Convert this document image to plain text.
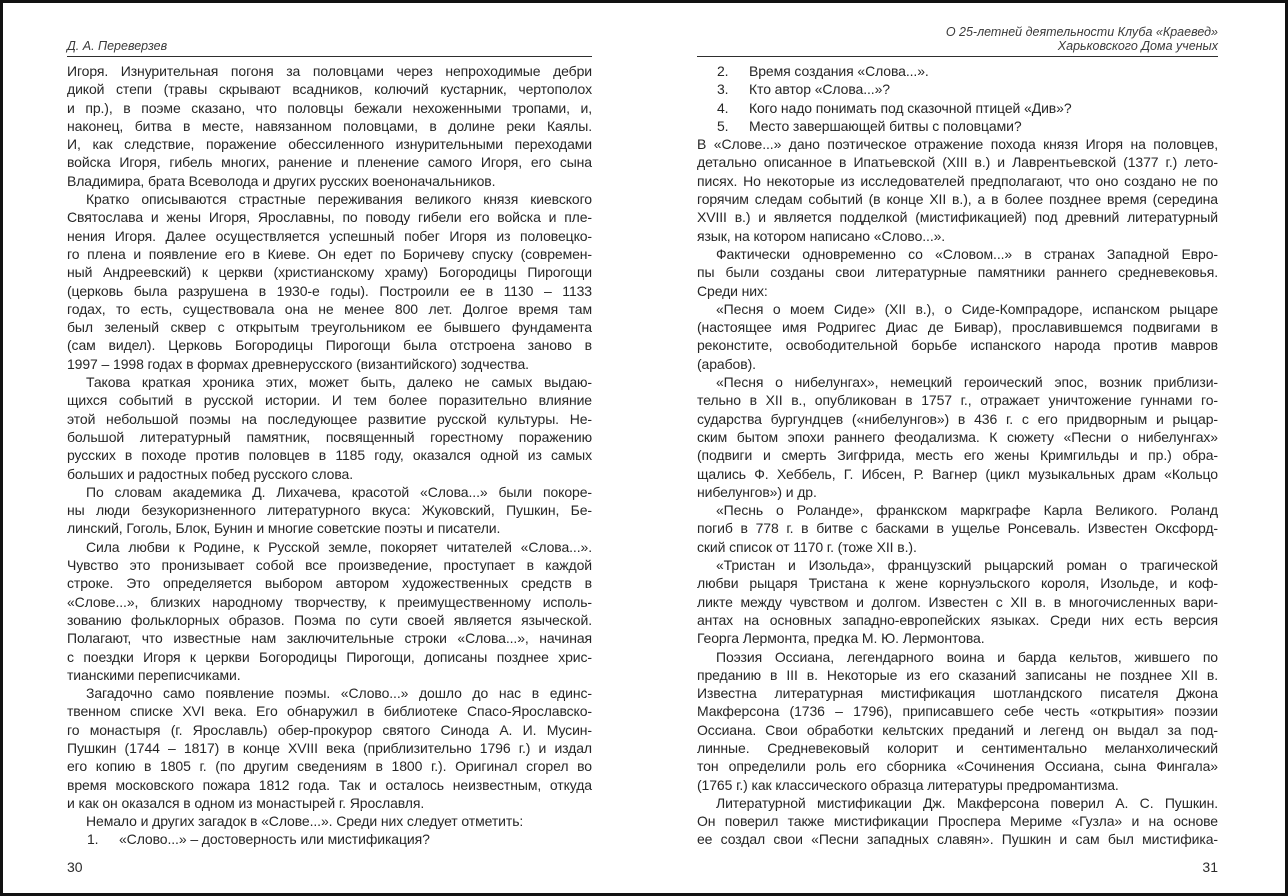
Д. А. Переверзев
Игоря. Изнурительная погоня за половцами через непроходимые дебри
дикой степи (травы скрывают всадников, колючий кустарник, чертополох
и пр.), в поэме сказано, что половцы бежали нехоженными тропами, и,
наконец, битва в месте, навязанном половцами, в долине реки Каялы.
И, как следствие, поражение обессиленного изнурительными переходами
войска Игоря, гибель многих, ранение и пленение самого Игоря, его сына
Владимира, брата Всеволода и других русских военоначальников.
Кратко описываются страстные переживания великого князя киевского
Святослава и жены Игоря, Ярославны, по поводу гибели его войска и пле-
нения Игоря. Далее осуществляется успешный побег Игоря из половецко-
го плена и появление его в Киеве. Он едет по Боричеву спуску (современ-
ный Андреевский) к церкви (христианскому храму) Богородицы Пирогощи
(церковь была разрушена в 1930-е годы). Построили ее в 1130 – 1133
годах, то есть, существовала она не менее 800 лет. Долгое время там
был зеленый сквер с открытым треугольником ее бывшего фундамента
(сам видел). Церковь Богородицы Пирогощи была отстроена заново в
1997 – 1998 годах в формах древнерусского (византийского) зодчества.
Такова краткая хроника этих, может быть, далеко не самых выдаю-
щихся событий в русской истории. И тем более поразительно влияние
этой небольшой поэмы на последующее развитие русской культуры. Не-
большой литературный памятник, посвященный горестному поражению
русских в походе против половцев в 1185 году, оказался одной из самых
больших и радостных побед русского слова.
По словам академика Д. Лихачева, красотой «Слова...» были покоре-
ны люди безукоризненного литературного вкуса: Жуковский, Пушкин, Бе-
линский, Гоголь, Блок, Бунин и многие советские поэты и писатели.
Сила любви к Родине, к Русской земле, покоряет читателей «Слова...».
Чувство это пронизывает собой все произведение, проступает в каждой
строке. Это определяется выбором автором художественных средств в
«Слове...», близких народному творчеству, к преимущественному исполь-
зованию фольклорных образов. Поэма по сути своей является языческой.
Полагают, что известные нам заключительные строки «Слова...», начиная
с поездки Игоря к церкви Богородицы Пирогощи, дописаны позднее хрис-
тианскими переписчиками.
Загадочно само появление поэмы. «Слово...» дошло до нас в единс-
твенном списке XVI века. Его обнаружил в библиотеке Спасо-Ярославско-
го монастыря (г. Ярославль) обер-прокурор святого Синода А. И. Мусин-
Пушкин (1744 – 1817) в конце XVIII века (приблизительно 1796 г.) и издал
его копию в 1805 г. (по другим сведениям в 1800 г.). Оригинал сгорел во
время московского пожара 1812 года. Так и осталось неизвестным, откуда
и как он оказался в одном из монастырей г. Ярославля.
Немало и других загадок в «Слове...». Среди них следует отметить:
1. «Слово...» – достоверность или мистификация?
30
О 25-летней деятельности Клуба «Краевед»
Харьковского Дома ученых
2. Время создания «Слова...».
3. Кто автор «Слова...»?
4. Кого надо понимать под сказочной птицей «Див»?
5. Место завершающей битвы с половцами?
В «Слове...» дано поэтическое отражение похода князя Игоря на половцев,
детально описанное в Ипатьевской (XIII в.) и Лаврентьевской (1377 г.) лето-
писях. Но некоторые из исследователей предполагают, что оно создано не по
горячим следам событий (в конце XII в.), а в более позднее время (середина
XVIII в.) и является подделкой (мистификацией) под древний литературный
язык, на котором написано «Слово...».
Фактически одновременно со «Словом...» в странах Западной Евро-
пы были созданы свои литературные памятники раннего средневековья.
Среди них:
«Песня о моем Сиде» (XII в.), о Сиде-Компрадоре, испанском рыцаре
(настоящее имя Родригес Диас де Бивар), прославившемся подвигами в
реконстите, освободительной борьбе испанского народа против мавров
(арабов).
«Песня о нибелунгах», немецкий героический эпос, возник приблизи-
тельно в XII в., опубликован в 1757 г., отражает уничтожение гуннами го-
сударства бургундцев («нибелунгов») в 436 г. с его придворным и рыцар-
ским бытом эпохи раннего феодализма. К сюжету «Песни о нибелунгах»
(подвиги и смерть Зигфрида, месть его жены Кримгильды и пр.) обра-
щались Ф. Хеббель, Г. Ибсен, Р. Вагнер (цикл музыкальных драм «Кольцо
нибелунгов») и др.
«Песнь о Роланде», франкском маркграфе Карла Великого. Роланд
погиб в 778 г. в битве с басками в ущелье Ронсеваль. Известен Оксфорд-
ский список от 1170 г. (тоже XII в.).
«Тристан и Изольда», французский рыцарский роман о трагической
любви рыцаря Тристана к жене корнуэльского короля, Изольде, и коф-
ликте между чувством и долгом. Известен с XII в. в многочисленных вари-
антах на основных западно-европейских языках. Среди них есть версия
Георга Лермонта, предка М. Ю. Лермонтова.
Поэзия Оссиана, легендарного воина и барда кельтов, жившего по
преданию в III в. Некоторые из его сказаний записаны не позднее XII в.
Известна литературная мистификация шотландского писателя Джона
Макферсона (1736 – 1796), приписавшего себе честь «открытия» поэзии
Оссиана. Свои обработки кельтских преданий и легенд он выдал за под-
линные. Средневековый колорит и сентиментально меланхолический
тон определили роль его сборника «Сочинения Оссиана, сына Фингала»
(1765 г.) как классического образца литературы предромантизма.
Литературной мистификации Дж. Макферсона поверил А. С. Пушкин.
Он поверил также мистификации Проспера Мериме «Гузла» и на основе
ее создал свои «Песни западных славян». Пушкин и сам был мистифика-
31
